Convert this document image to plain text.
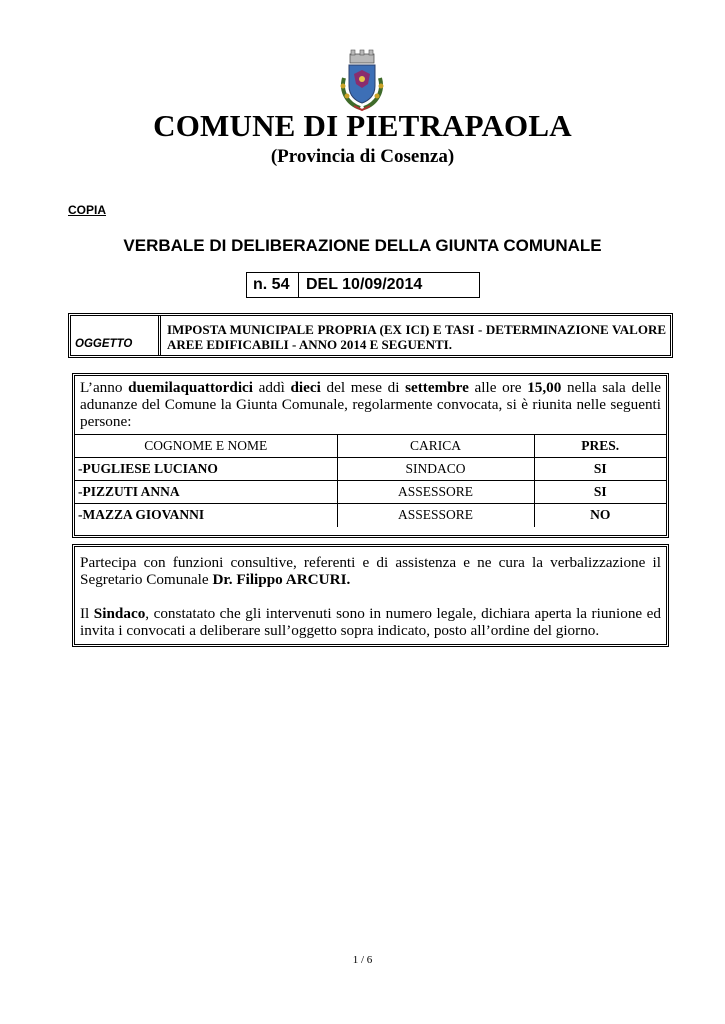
COMUNE DI PIETRAPAOLA
(Provincia di Cosenza)
COPIA
VERBALE DI DELIBERAZIONE DELLA GIUNTA COMUNALE
n. 54	DEL 10/09/2014
OGGETTO
IMPOSTA MUNICIPALE PROPRIA (EX ICI) E TASI - DETERMINAZIONE VALORE AREE EDIFICABILI - ANNO 2014 E SEGUENTI.
L’anno duemilaquattordici addì dieci del mese di settembre alle ore 15,00 nella sala delle adunanze del Comune la Giunta Comunale, regolarmente convocata, si è riunita nelle seguenti persone:
COGNOME E NOME	CARICA	PRES.
-PUGLIESE LUCIANO	SINDACO	SI
-PIZZUTI ANNA	ASSESSORE	SI
-MAZZA GIOVANNI	ASSESSORE	NO

Partecipa con funzioni consultive, referenti e di assistenza e ne cura la verbalizzazione il Segretario Comunale Dr. Filippo ARCURI.

Il Sindaco, constatato che gli intervenuti sono in numero legale, dichiara aperta la riunione ed invita i convocati a deliberare sull’oggetto sopra indicato, posto all’ordine del giorno.

1 / 6
